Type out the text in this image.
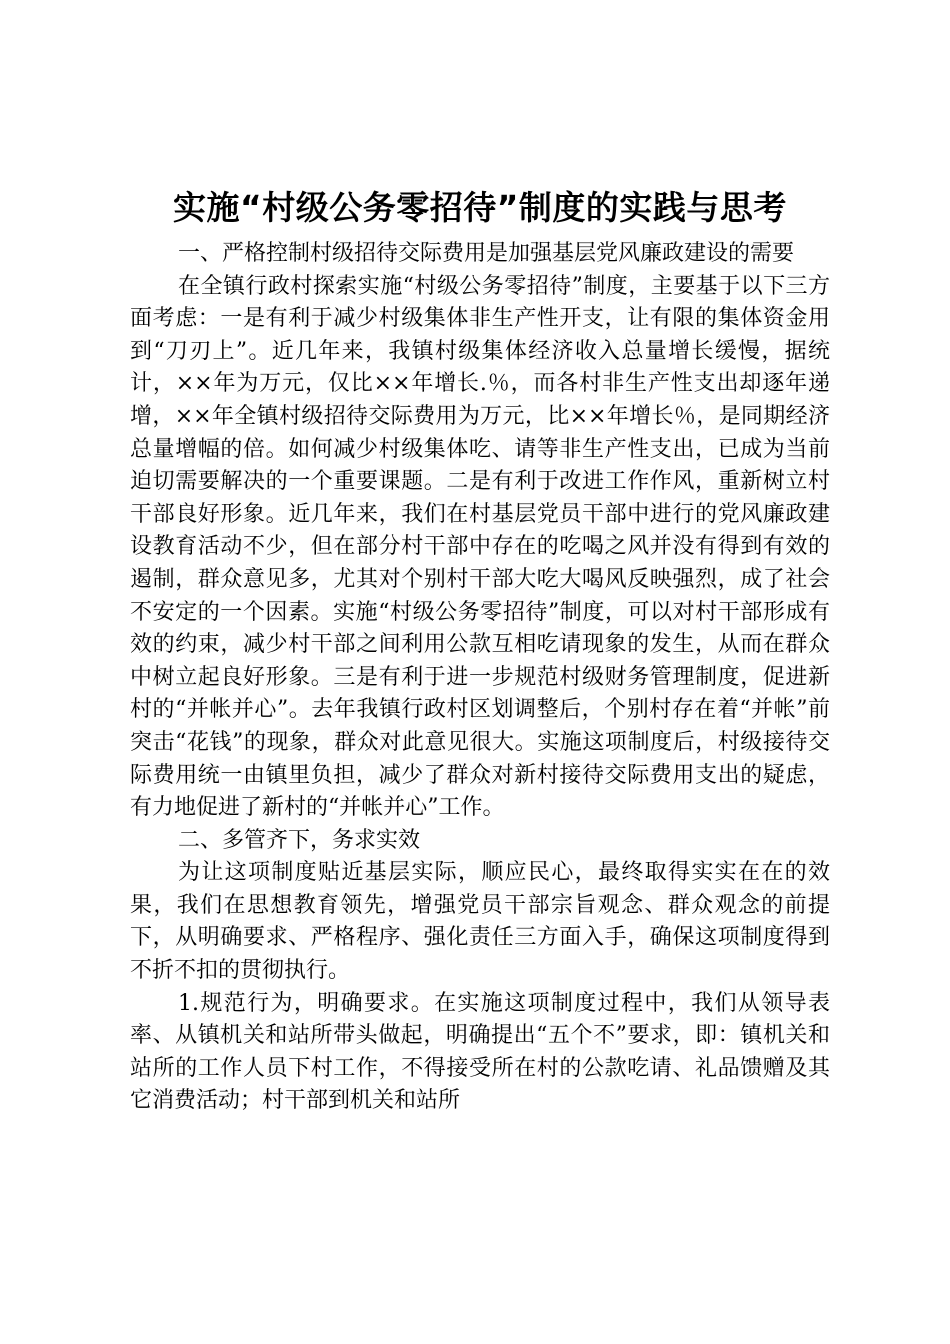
实施“村级公务零招待”制度的实践与思考

一、严格控制村级招待交际费用是加强基层党风廉政建设的需要

在全镇行政村探索实施“村级公务零招待”制度，主要基于以下三方面考虑：一是有利于减少村级集体非生产性开支，让有限的集体资金用到“刀刃上”。近几年来，我镇村级集体经济收入总量增长缓慢，据统计，××年为万元，仅比××年增长.％，而各村非生产性支出却逐年递增，××年全镇村级招待交际费用为万元，比××年增长％，是同期经济总量增幅的倍。如何减少村级集体吃、请等非生产性支出，已成为当前迫切需要解决的一个重要课题。二是有利于改进工作作风，重新树立村干部良好形象。近几年来，我们在村基层党员干部中进行的党风廉政建设教育活动不少，但在部分村干部中存在的吃喝之风并没有得到有效的遏制，群众意见多，尤其对个别村干部大吃大喝风反映强烈，成了社会不安定的一个因素。实施“村级公务零招待”制度，可以对村干部形成有效的约束，减少村干部之间利用公款互相吃请现象的发生，从而在群众中树立起良好形象。三是有利于进一步规范村级财务管理制度，促进新村的“并帐并心”。去年我镇行政村区划调整后，个别村存在着“并帐”前突击“花钱”的现象，群众对此意见很大。实施这项制度后，村级接待交际费用统一由镇里负担，减少了群众对新村接待交际费用支出的疑虑，有力地促进了新村的“并帐并心”工作。

二、多管齐下，务求实效

为让这项制度贴近基层实际，顺应民心，最终取得实实在在的效果，我们在思想教育领先，增强党员干部宗旨观念、群众观念的前提下，从明确要求、严格程序、强化责任三方面入手，确保这项制度得到不折不扣的贯彻执行。

1.规范行为，明确要求。在实施这项制度过程中，我们从领导表率、从镇机关和站所带头做起，明确提出“五个不”要求，即：镇机关和站所的工作人员下村工作，不得接受所在村的公款吃请、礼品馈赠及其它消费活动；村干部到机关和站所
